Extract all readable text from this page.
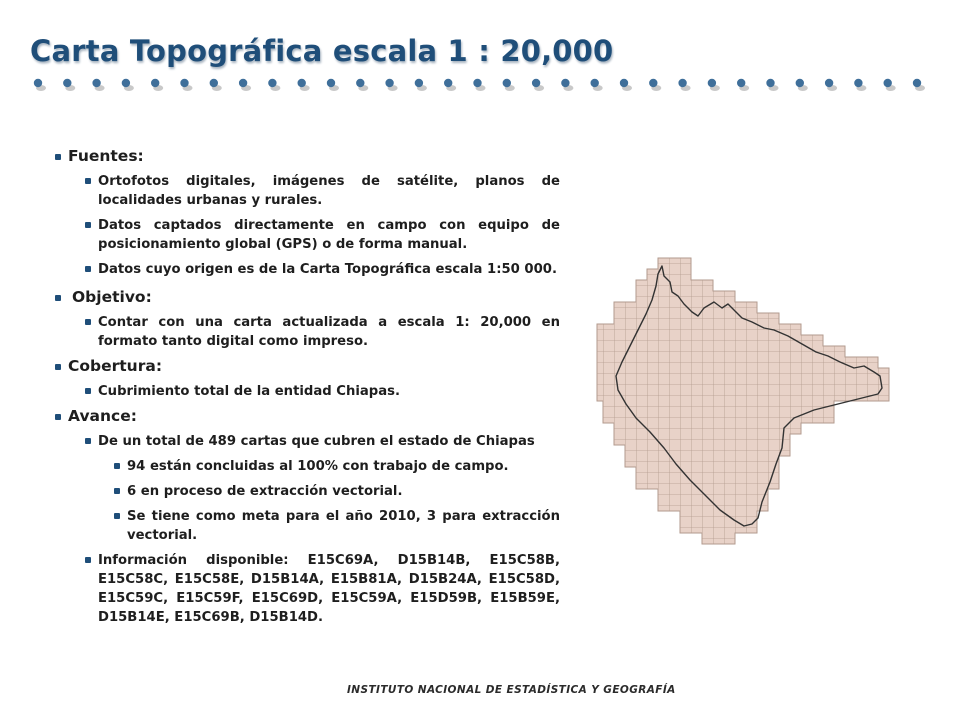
Carta Topográfica escala 1 : 20,000
Fuentes:
Ortofotos digitales, imágenes de satélite, planos de localidades urbanas y rurales.
Datos captados directamente en campo con equipo de posicionamiento global (GPS) o de forma manual.
Datos cuyo origen es de la Carta Topográfica escala 1:50 000.
Objetivo:
Contar con una carta actualizada a escala 1: 20,000 en formato tanto digital como impreso.
Cobertura:
Cubrimiento total de la entidad Chiapas.
Avance:
De un total de 489 cartas que cubren el estado de Chiapas
94 están concluidas al 100% con trabajo de campo.
6 en proceso de extracción vectorial.
Se tiene como meta para el año 2010, 3 para extracción vectorial.
Información disponible: E15C69A, D15B14B, E15C58B, E15C58C, E15C58E, D15B14A, E15B81A, D15B24A, E15C58D, E15C59C, E15C59F, E15C69D, E15C59A, E15D59B, E15B59E, D15B14E, E15C69B, D15B14D.
INSTITUTO NACIONAL DE ESTADÍSTICA Y GEOGRAFÍA
